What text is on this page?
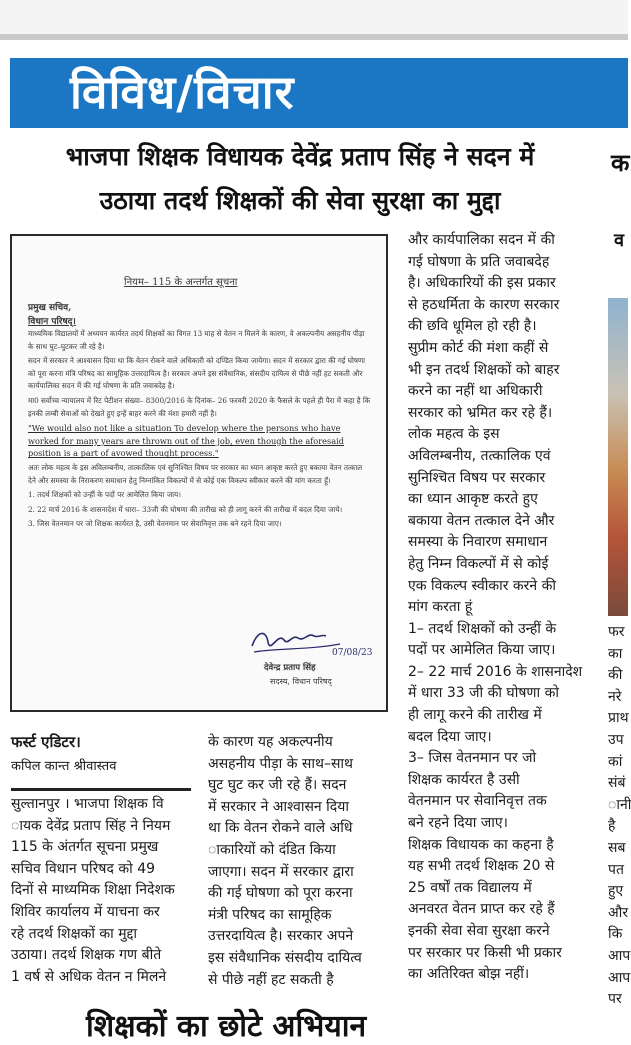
विविध/विचार
भाजपा शिक्षक विधायक देवेंद्र प्रताप सिंह ने सदन में
उठाया तदर्थ शिक्षकों की सेवा सुरक्षा का मुद्दा
क
व
नियम– 115 के अन्तर्गत सूचना
प्रमुख सचिव,
विधान परिषद्।

माध्यमिक विद्यालयों में अध्ययन कार्यरत तदर्थ शिक्षकों का विगत 13 माह से वेतन न मिलने के कारण, वे अकल्पनीय असहनीय पीड़ा के साथ घुट–घुटकर जी रहे है।

सदन में सरकार ने आश्वासन दिया था कि वेतन रोकने वाले अधिकारी को दण्डित किया जायेगा। सदन में सरकार द्वारा की गई घोषणा को पूरा करना मंत्रि परिषद का सामूहिक उत्तरदायित्व है। सरकार अपने इस संवैधानिक, संसदीय दायित्व से पीछे नहीं हट सकती और कार्यपालिका सदन में की गई घोषणा के प्रति जवाबदेह है।

मा0 सर्वोच्च न्यायालय में रिट पेटीशन संख्या– 8300/2016 के दिनांक– 26 फरवरी 2020 के फैसले के पहले ही पैरा में कहा है कि इनकी लम्बी सेवाओं को देखते हुए इन्हें बाहर करने की मंशा हमारी नहीं है।

"We would also not like a situation To develop where the persons who have worked for many years are thrown out of the job, even though the aforesaid position is a part of avowed thought process."

अतः लोक महत्व के इस अविलम्बनीय, तात्कालिक एवं सुनिश्चित विषय पर सरकार का ध्यान आकृष्ट करते हुए बकाया वेतन तत्काल देने और समस्या के निराकरण समाधान हेतु निम्नांकित विकल्पों में से कोई एक विकल्प स्वीकार करने की मांग करता हूँ।

1. तदर्थ शिक्षकों को उन्हीं के पदों पर आमेलित किया जाय।

2. 22 मार्च 2016 के शासनादेश में धारा– 33जी की घोषणा की तारीख को ही लागू करने की तारीख में बदल दिया जाये।

3. जिस वेतनमान पर जो शिक्षक कार्यरत है, उसी वेतनमान पर सेवानिवृत्त तक बने रहने दिया जाए।

07/08/23
देवेन्द्र प्रताप सिंह
सदस्य, विधान परिषद्
फर्स्ट एडिटर।
कपिल कान्त श्रीवास्तव

सुल्तानपुर । भाजपा शिक्षक वि

ायक देवेंद्र प्रताप सिंह ने नियम

115 के अंतर्गत सूचना प्रमुख

सचिव विधान परिषद को 49

दिनों से माध्यमिक शिक्षा निदेशक

शिविर कार्यालय में याचना कर

रहे तदर्थ शिक्षकों का मुद्दा

उठाया। तदर्थ शिक्षक गण बीते

1 वर्ष से अधिक वेतन न मिलने

के कारण यह अकल्पनीय

असहनीय पीड़ा के साथ–साथ

घुट घुट कर जी रहे हैं। सदन

में सरकार ने आश्वासन दिया

था कि वेतन रोकने वाले अधि

ाकारियों को दंडित किया

जाएगा। सदन में सरकार द्वारा

की गई घोषणा को पूरा करना

मंत्री परिषद का सामूहिक

उत्तरदायित्व है। सरकार अपने

इस संवैधानिक संसदीय दायित्व

से पीछे नहीं हट सकती है

और कार्यपालिका सदन में की

गई घोषणा के प्रति जवाबदेह

है। अधिकारियों की इस प्रकार

से हठधर्मिता के कारण सरकार

की छवि धूमिल हो रही है।

सुप्रीम कोर्ट की मंशा कहीं से

भी इन तदर्थ शिक्षकों को बाहर

करने का नहीं था अधिकारी

सरकार को भ्रमित कर रहे हैं।

लोक महत्व के इस

अविलम्बनीय, तत्कालिक एवं

सुनिश्चित विषय पर सरकार

का ध्यान आकृष्ट करते हुए

बकाया वेतन तत्काल देने और

समस्या के निवारण समाधान

हेतु निम्न विकल्पों में से कोई

एक विकल्प स्वीकार करने की

मांग करता हूं

1– तदर्थ शिक्षकों को उन्हीं के

पदों पर आमेलित किया जाए।

2– 22 मार्च 2016 के शासनादेश

में धारा 33 जी की घोषणा को

ही लागू करने की तारीख में

बदल दिया जाए।

3– जिस वेतनमान पर जो

शिक्षक कार्यरत है उसी

वेतनमान पर सेवानिवृत्त तक

बने रहने दिया जाए।

शिक्षक विधायक का कहना है

यह सभी तदर्थ शिक्षक 20 से

25 वर्षों तक विद्यालय में

अनवरत वेतन प्राप्त कर रहे हैं

इनकी सेवा सेवा सुरक्षा करने

पर सरकार पर किसी भी प्रकार

का अतिरिक्त बोझ नहीं।

फर

का

की

नरे

प्राथ

उप

कां

संबं

ानी

है

सब

पत

हुए

और

कि

आप

आप

पर

शिक्षकों का छोटे अभियान
